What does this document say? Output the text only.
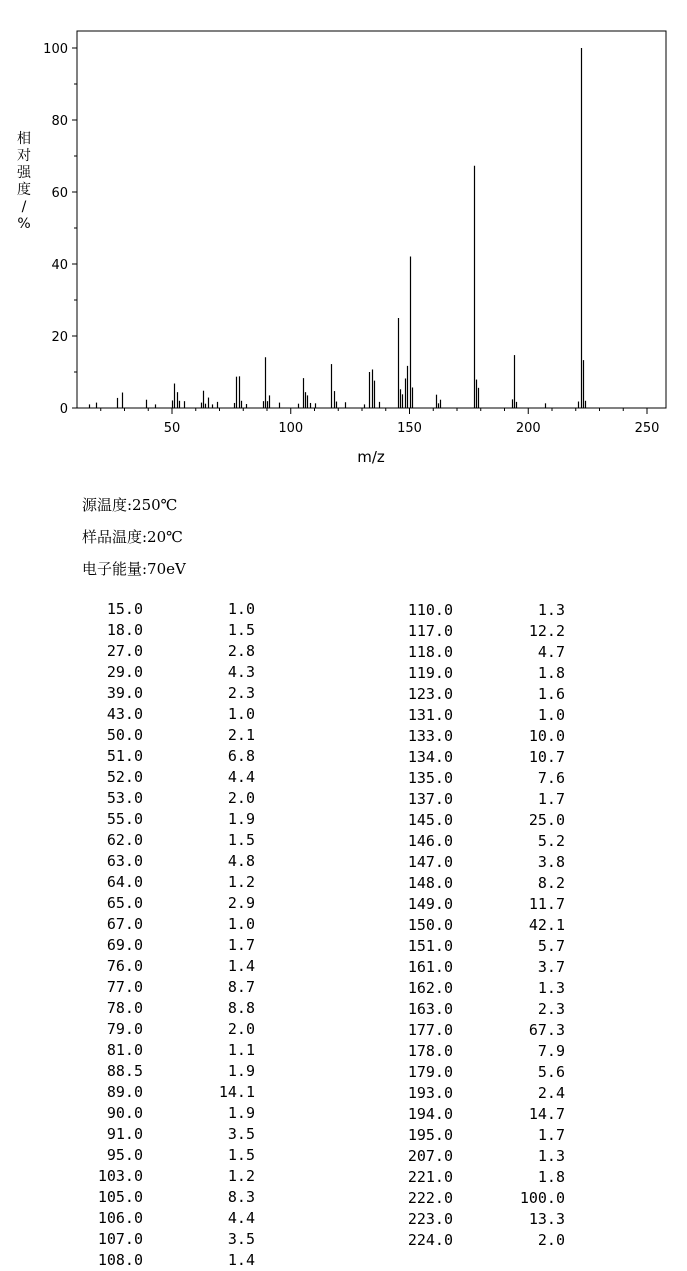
0
20
40
60
80
100
50	100	150	200	250
m/z
相
对
强
度
/
%
源温度:250℃
样品温度:20℃
电子能量:70eV
15.0	1.0
18.0	1.5
27.0	2.8
29.0	4.3
39.0	2.3
43.0	1.0
50.0	2.1
51.0	6.8
52.0	4.4
53.0	2.0
55.0	1.9
62.0	1.5
63.0	4.8
64.0	1.2
65.0	2.9
67.0	1.0
69.0	1.7
76.0	1.4
77.0	8.7
78.0	8.8
79.0	2.0
81.0	1.1
88.5	1.9
89.0	14.1
90.0	1.9
91.0	3.5
95.0	1.5
103.0	1.2
105.0	8.3
106.0	4.4
107.0	3.5
108.0	1.4
110.0	1.3
117.0	12.2
118.0	4.7
119.0	1.8
123.0	1.6
131.0	1.0
133.0	10.0
134.0	10.7
135.0	7.6
137.0	1.7
145.0	25.0
146.0	5.2
147.0	3.8
148.0	8.2
149.0	11.7
150.0	42.1
151.0	5.7
161.0	3.7
162.0	1.3
163.0	2.3
177.0	67.3
178.0	7.9
179.0	5.6
193.0	2.4
194.0	14.7
195.0	1.7
207.0	1.3
221.0	1.8
222.0	100.0
223.0	13.3
224.0	2.0
